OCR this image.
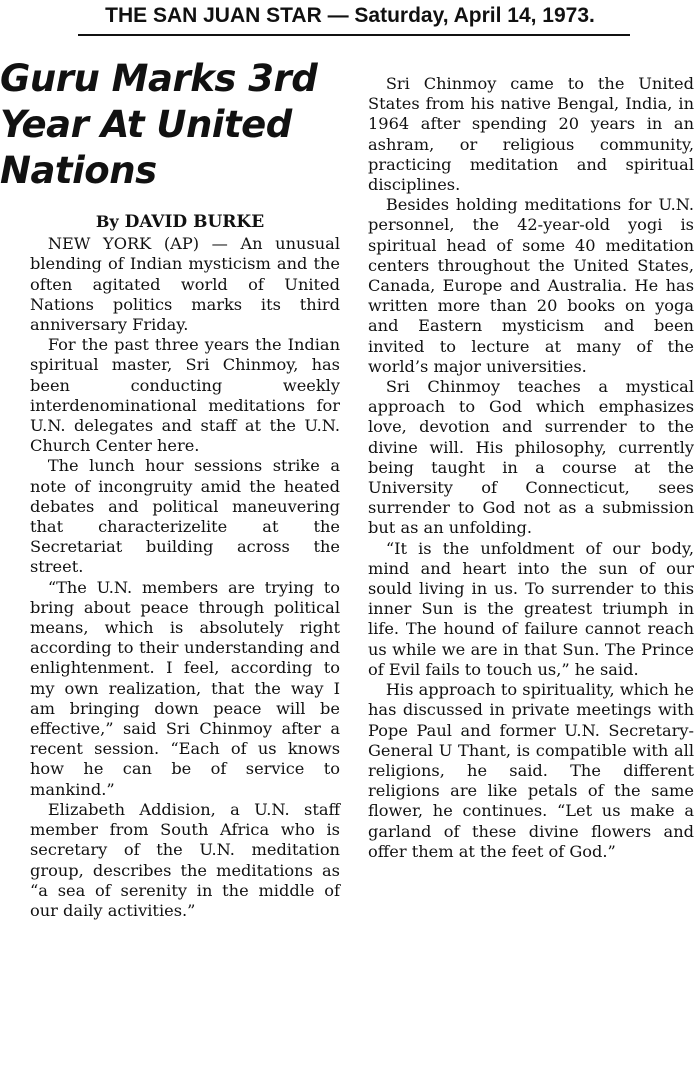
THE SAN JUAN STAR — Saturday, April 14, 1973.
Guru Marks 3rd Year At United Nations
By DAVID BURKE

NEW YORK (AP) — An unusual blending of Indian mysticism and the often agitated world of United Nations politics marks its third anniversary Friday.

For the past three years the Indian spiritual master, Sri Chinmoy, has been conducting weekly interdenominational meditations for U.N. delegates and staff at the U.N. Church Center here.

The lunch hour sessions strike a note of incongruity amid the heated debates and political maneuvering that characterizelite at the Secretariat building across the street.

“The U.N. members are trying to bring about peace through political means, which is absolutely right according to their understanding and enlightenment. I feel, according to my own realization, that the way I am bringing down peace will be effective,” said Sri Chinmoy after a recent session. “Each of us knows how he can be of service to mankind.”

Elizabeth Addision, a U.N. staff member from South Africa who is secretary of the U.N. meditation group, describes the meditations as “a sea of serenity in the middle of our daily activities.”

Sri Chinmoy came to the United States from his native Bengal, India, in 1964 after spending 20 years in an ashram, or religious community, practicing meditation and spiritual disciplines.

Besides holding meditations for U.N. personnel, the 42-year-old yogi is spiritual head of some 40 meditation centers throughout the United States, Canada, Europe and Australia. He has written more than 20 books on yoga and Eastern mysticism and been invited to lecture at many of the world’s major universities.

Sri Chinmoy teaches a mystical approach to God which emphasizes love, devotion and surrender to the divine will. His philosophy, currently being taught in a course at the University of Connecticut, sees surrender to God not as a submission but as an unfolding.

“It is the unfoldment of our body, mind and heart into the sun of our sould living in us. To surrender to this inner Sun is the greatest triumph in life. The hound of failure cannot reach us while we are in that Sun. The Prince of Evil fails to touch us,” he said.

His approach to spirituality, which he has discussed in private meetings with Pope Paul and former U.N. Secretary-General U Thant, is compatible with all religions, he said. The different religions are like petals of the same flower, he continues. “Let us make a garland of these divine flowers and offer them at the feet of God.”
